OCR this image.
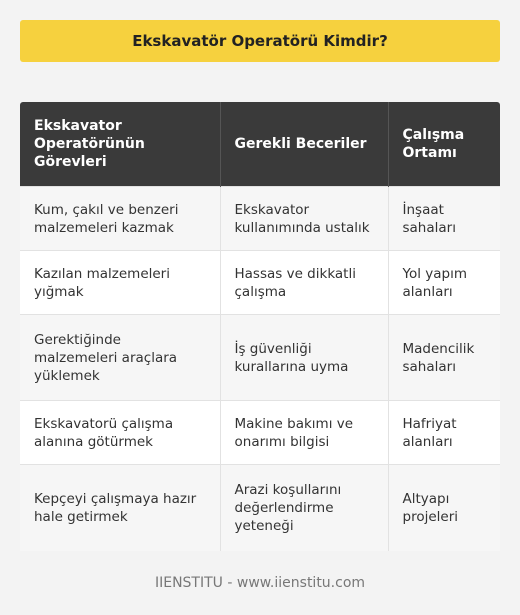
Ekskavatör Operatörü Kimdir?
Ekskavator Operatörünün Görevleri	Gerekli Beceriler	Çalışma Ortamı
Kum, çakıl ve benzeri malzemeleri kazmak	Ekskavator kullanımında ustalık	İnşaat sahaları
Kazılan malzemeleri yığmak	Hassas ve dikkatli çalışma	Yol yapım alanları
Gerektiğinde malzemeleri araçlara yüklemek	İş güvenliği kurallarına uyma	Madencilik sahaları
Ekskavatorü çalışma alanına götürmek	Makine bakımı ve onarımı bilgisi	Hafriyat alanları
Kepçeyi çalışmaya hazır hale getirmek	Arazi koşullarını değerlendirme yeteneği	Altyapı projeleri
IIENSTITU - www.iienstitu.com
